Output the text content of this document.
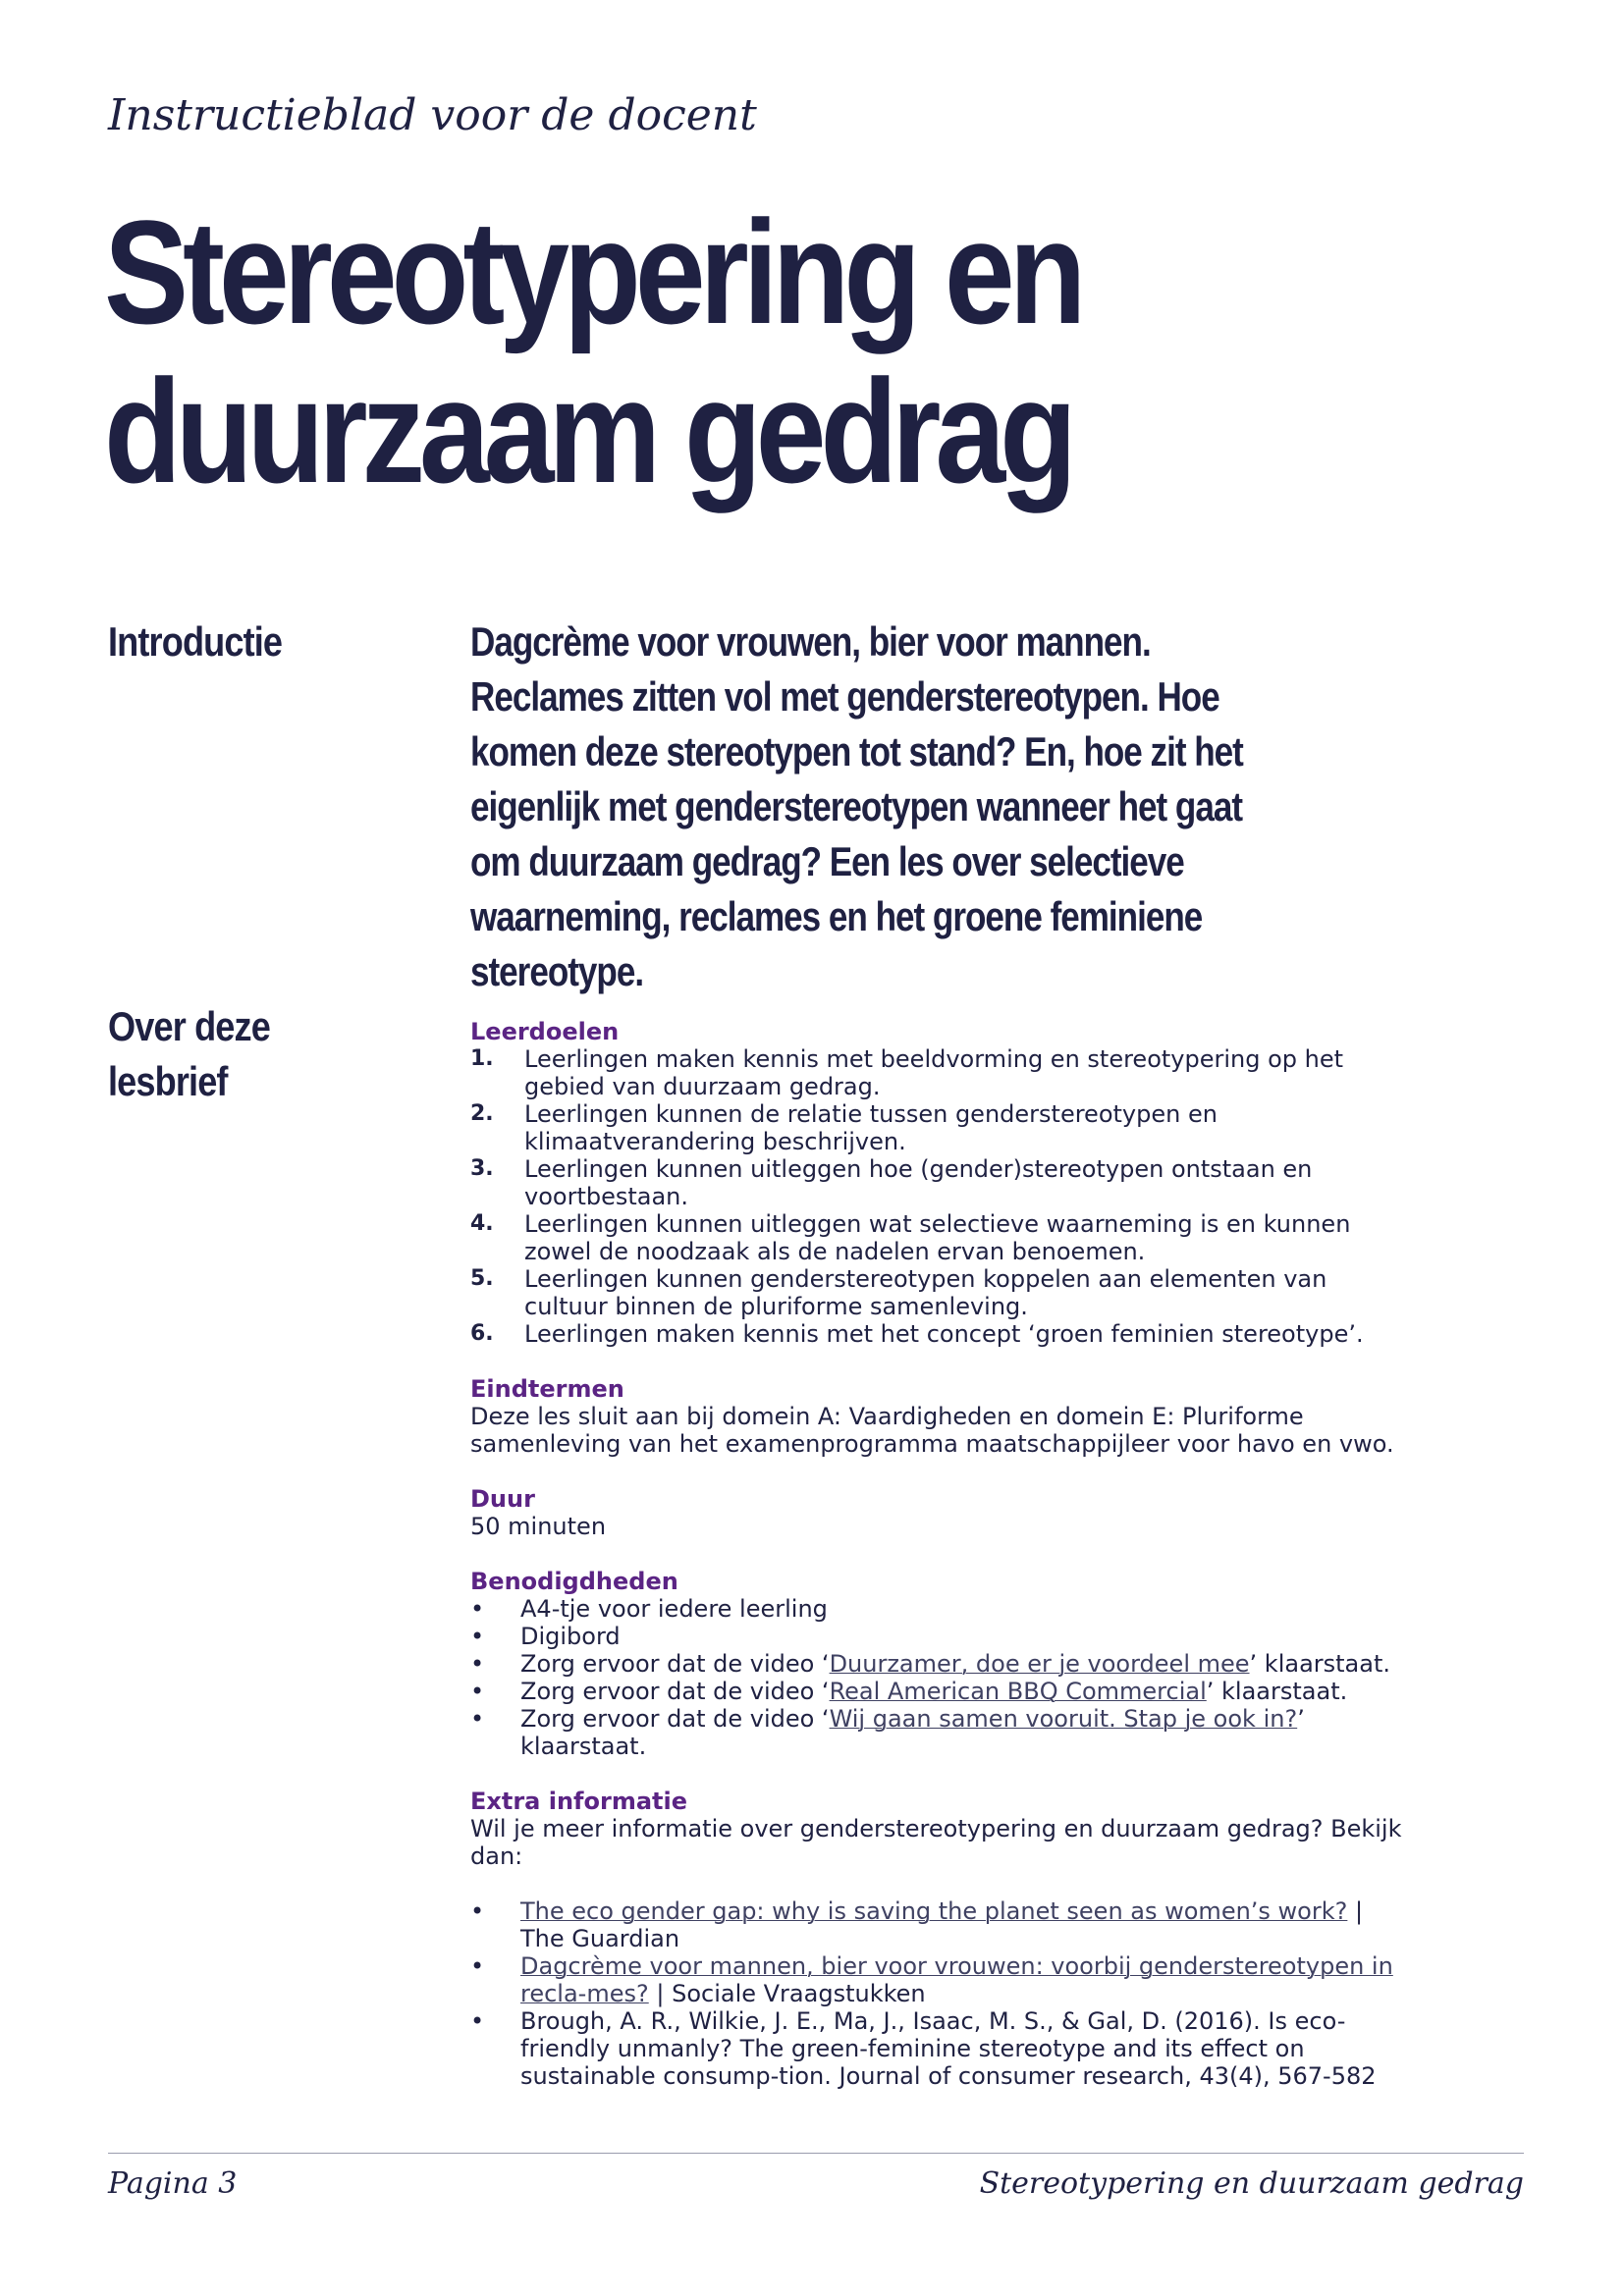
Instructieblad voor de docent
Stereotypering en duurzaam gedrag
Introductie	Dagcrème voor vrouwen, bier voor mannen. Reclames zitten vol met genderstereotypen. Hoe komen deze stereotypen tot stand? En, hoe zit het eigenlijk met genderstereotypen wanneer het gaat om duurzaam gedrag? Een les over selectieve waarneming, reclames en het groene feminiene stereotype.

Over deze lesbrief
Leerdoelen
1. Leerlingen maken kennis met beeldvorming en stereotypering op het gebied van duurzaam gedrag.
2. Leerlingen kunnen de relatie tussen genderstereotypen en klimaatverandering beschrijven.
3. Leerlingen kunnen uitleggen hoe (gender)stereotypen ontstaan en voortbestaan.
4. Leerlingen kunnen uitleggen wat selectieve waarneming is en kunnen zowel de noodzaak als de nadelen ervan benoemen.
5. Leerlingen kunnen genderstereotypen koppelen aan elementen van cultuur binnen de pluriforme samenleving.
6. Leerlingen maken kennis met het concept ‘groen feminien stereotype’.
Eindtermen

Deze les sluit aan bij domein A: Vaardigheden en domein E: Pluriforme samenleving van het examenprogramma maatschappijleer voor havo en vwo.

Duur

50 minuten

Benodigdheden
• A4-tje voor iedere leerling
• Digibord
• Zorg ervoor dat de video ‘Duurzamer, doe er je voordeel mee’ klaarstaat.
• Zorg ervoor dat de video ‘Real American BBQ Commercial’ klaarstaat.
• Zorg ervoor dat de video ‘Wij gaan samen vooruit. Stap je ook in?’ klaarstaat.
Extra informatie

Wil je meer informatie over genderstereotypering en duurzaam gedrag? Bekijk dan:

• The eco gender gap: why is saving the planet seen as women’s work? | The Guardian
• Dagcrème voor mannen, bier voor vrouwen: voorbij genderstereotypen in recla-mes? | Sociale Vraagstukken
• Brough, A. R., Wilkie, J. E., Ma, J., Isaac, M. S., & Gal, D. (2016). Is eco-friendly unmanly? The green-feminine stereotype and its effect on sustainable consump-tion. Journal of consumer research, 43(4), 567-582
Pagina 3	Stereotypering en duurzaam gedrag
